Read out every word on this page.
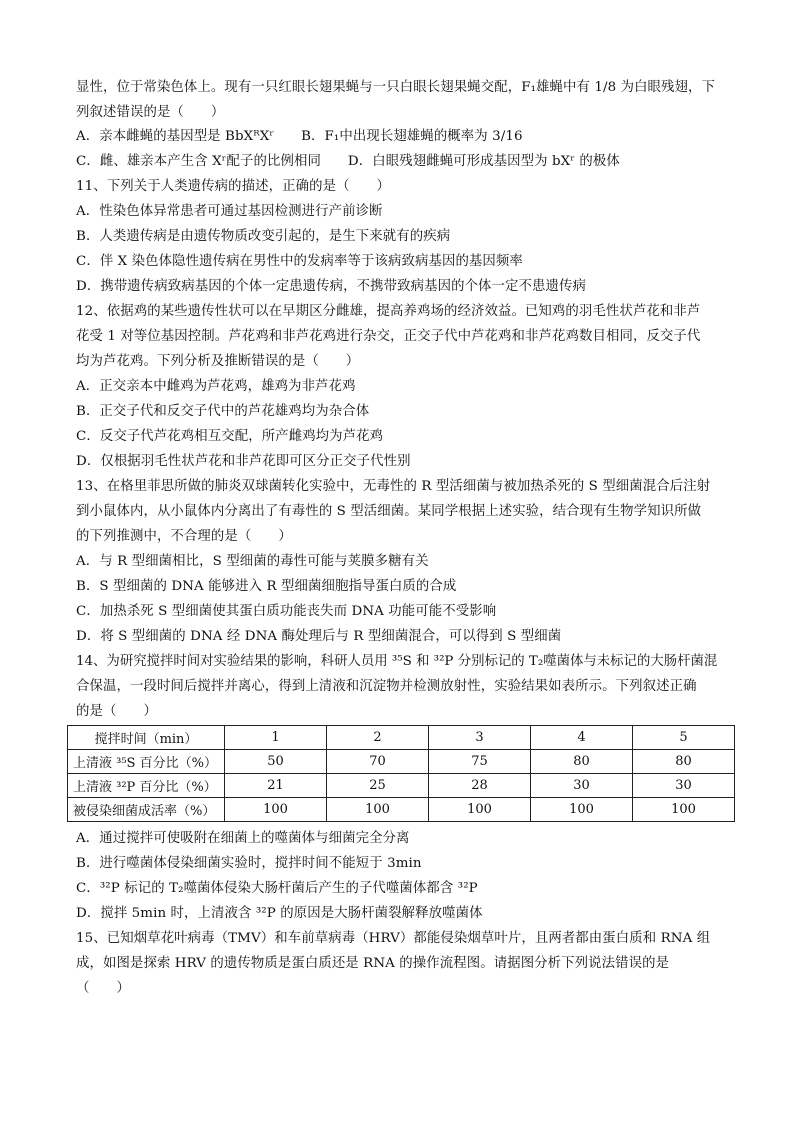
显性，位于常染色体上。现有一只红眼长翅果蝇与一只白眼长翅果蝇交配，F₁雄蝇中有 1/8 为白眼残翅，下
列叙述错误的是（　　）
A．亲本雌蝇的基因型是 BbXᴿXʳ　　B．F₁中出现长翅雄蝇的概率为 3/16
C．雌、雄亲本产生含 Xʳ配子的比例相同　　D．白眼残翅雌蝇可形成基因型为 bXʳ 的极体
11、下列关于人类遗传病的描述，正确的是（　　）
A．性染色体异常患者可通过基因检测进行产前诊断
B．人类遗传病是由遗传物质改变引起的，是生下来就有的疾病
C．伴 X 染色体隐性遗传病在男性中的发病率等于该病致病基因的基因频率
D．携带遗传病致病基因的个体一定患遗传病，不携带致病基因的个体一定不患遗传病
12、依据鸡的某些遗传性状可以在早期区分雌雄，提高养鸡场的经济效益。已知鸡的羽毛性状芦花和非芦
花受 1 对等位基因控制。芦花鸡和非芦花鸡进行杂交，正交子代中芦花鸡和非芦花鸡数目相同，反交子代
均为芦花鸡。下列分析及推断错误的是（　　）
A．正交亲本中雌鸡为芦花鸡，雄鸡为非芦花鸡
B．正交子代和反交子代中的芦花雄鸡均为杂合体
C．反交子代芦花鸡相互交配，所产雌鸡均为芦花鸡
D．仅根据羽毛性状芦花和非芦花即可区分正交子代性别
13、在格里菲思所做的肺炎双球菌转化实验中，无毒性的 R 型活细菌与被加热杀死的 S 型细菌混合后注射
到小鼠体内，从小鼠体内分离出了有毒性的 S 型活细菌。某同学根据上述实验，结合现有生物学知识所做
的下列推测中，不合理的是（　　）
A．与 R 型细菌相比，S 型细菌的毒性可能与荚膜多糖有关
B．S 型细菌的 DNA 能够进入 R 型细菌细胞指导蛋白质的合成
C．加热杀死 S 型细菌使其蛋白质功能丧失而 DNA 功能可能不受影响
D．将 S 型细菌的 DNA 经 DNA 酶处理后与 R 型细菌混合，可以得到 S 型细菌
14、为研究搅拌时间对实验结果的影响，科研人员用 ³⁵S 和 ³²P 分别标记的 T₂噬菌体与未标记的大肠杆菌混
合保温，一段时间后搅拌并离心，得到上清液和沉淀物并检测放射性，实验结果如表所示。下列叙述正确
的是（　　）
搅拌时间（min）	1	2	3	4	5
上清液 ³⁵S 百分比（%）	50	70	75	80	80
上清液 ³²P 百分比（%）	21	25	28	30	30
被侵染细菌成活率（%）	100	100	100	100	100
A．通过搅拌可使吸附在细菌上的噬菌体与细菌完全分离
B．进行噬菌体侵染细菌实验时，搅拌时间不能短于 3min
C．³²P 标记的 T₂噬菌体侵染大肠杆菌后产生的子代噬菌体都含 ³²P
D．搅拌 5min 时，上清液含 ³²P 的原因是大肠杆菌裂解释放噬菌体
15、已知烟草花叶病毒（TMV）和车前草病毒（HRV）都能侵染烟草叶片，且两者都由蛋白质和 RNA 组
成，如图是探索 HRV 的遗传物质是蛋白质还是 RNA 的操作流程图。请据图分析下列说法错误的是
（　　）
